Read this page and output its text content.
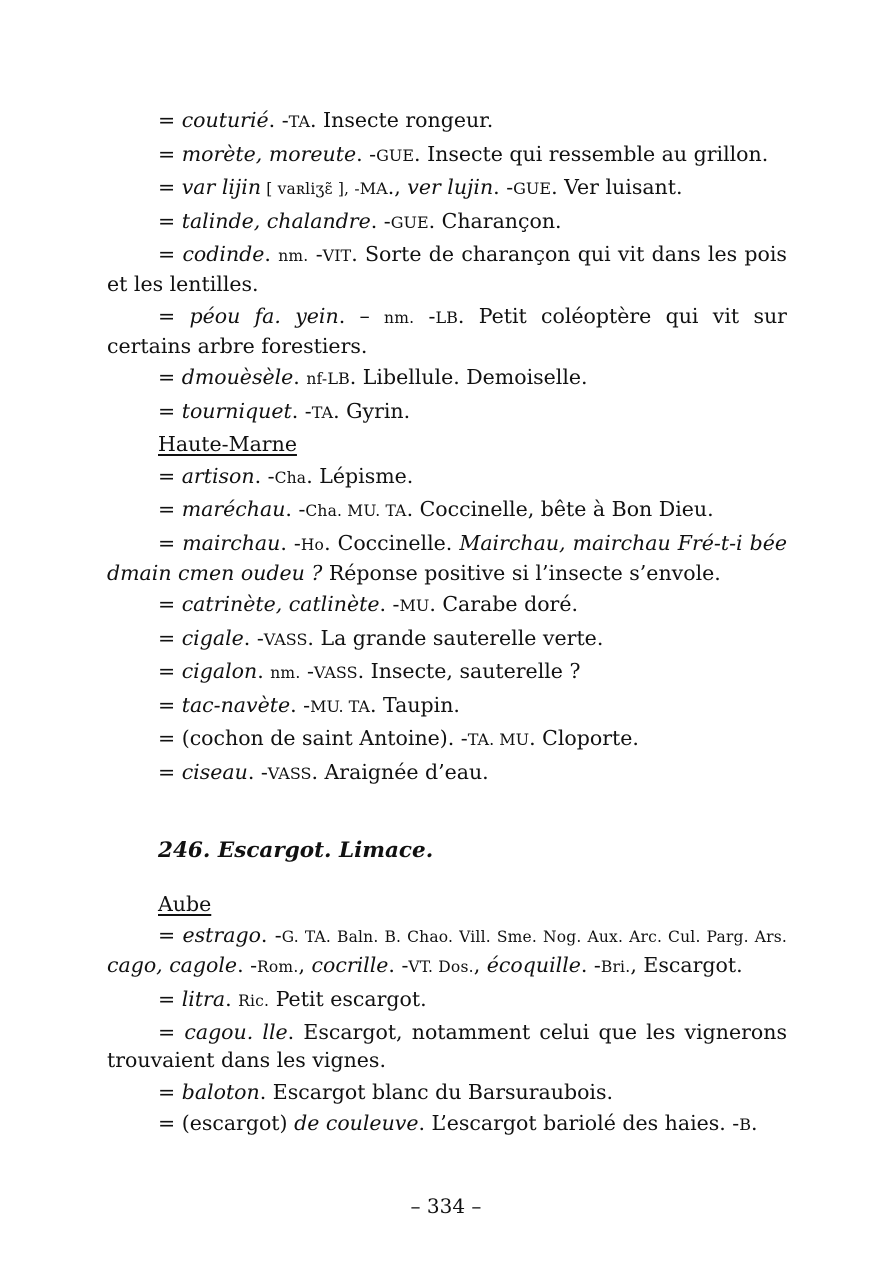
= couturié. -TA. Insecte rongeur.
= morète, moreute. -GUE. Insecte qui ressemble au grillon.
= var lijin [ vaʀliʒɛ̃ ], -MA., ver lujin. -GUE. Ver luisant.
= talinde, chalandre. -GUE. Charançon.
= codinde. nm. -VIT. Sorte de charançon qui vit dans les pois et les lentilles.
= péou fa. yein. – nm. -LB. Petit coléoptère qui vit sur certains arbre forestiers.
= dmouèsèle. nf-LB. Libellule. Demoiselle.
= tourniquet. -TA. Gyrin.
Haute-Marne
= artison. -Cha. Lépisme.
= maréchau. -Cha. MU. TA. Coccinelle, bête à Bon Dieu.
= mairchau. -Ho. Coccinelle. Mairchau, mairchau Fré-t-i bée dmain cmen oudeu ? Réponse positive si l’insecte s’envole.
= catrinète, catlinète. -MU. Carabe doré.
= cigale. -VASS. La grande sauterelle verte.
= cigalon. nm. -VASS. Insecte, sauterelle ?
= tac-navète. -MU. TA. Taupin.
= (cochon de saint Antoine). -TA. MU. Cloporte.
= ciseau. -VASS. Araignée d’eau.
246. Escargot. Limace.
Aube
= estrago. -G. TA. Baln. B. Chao. Vill. Sme. Nog. Aux. Arc. Cul. Parg. Ars. cago, cagole. -Rom., cocrille. -VT. Dos., écoquille. -Bri., Escargot.
= litra. Ric. Petit escargot.
= cagou. lle. Escargot, notamment celui que les vignerons trouvaient dans les vignes.
= baloton. Escargot blanc du Barsuraubois.
= (escargot) de couleuve. L’escargot bariolé des haies. -B.
– 334 –
